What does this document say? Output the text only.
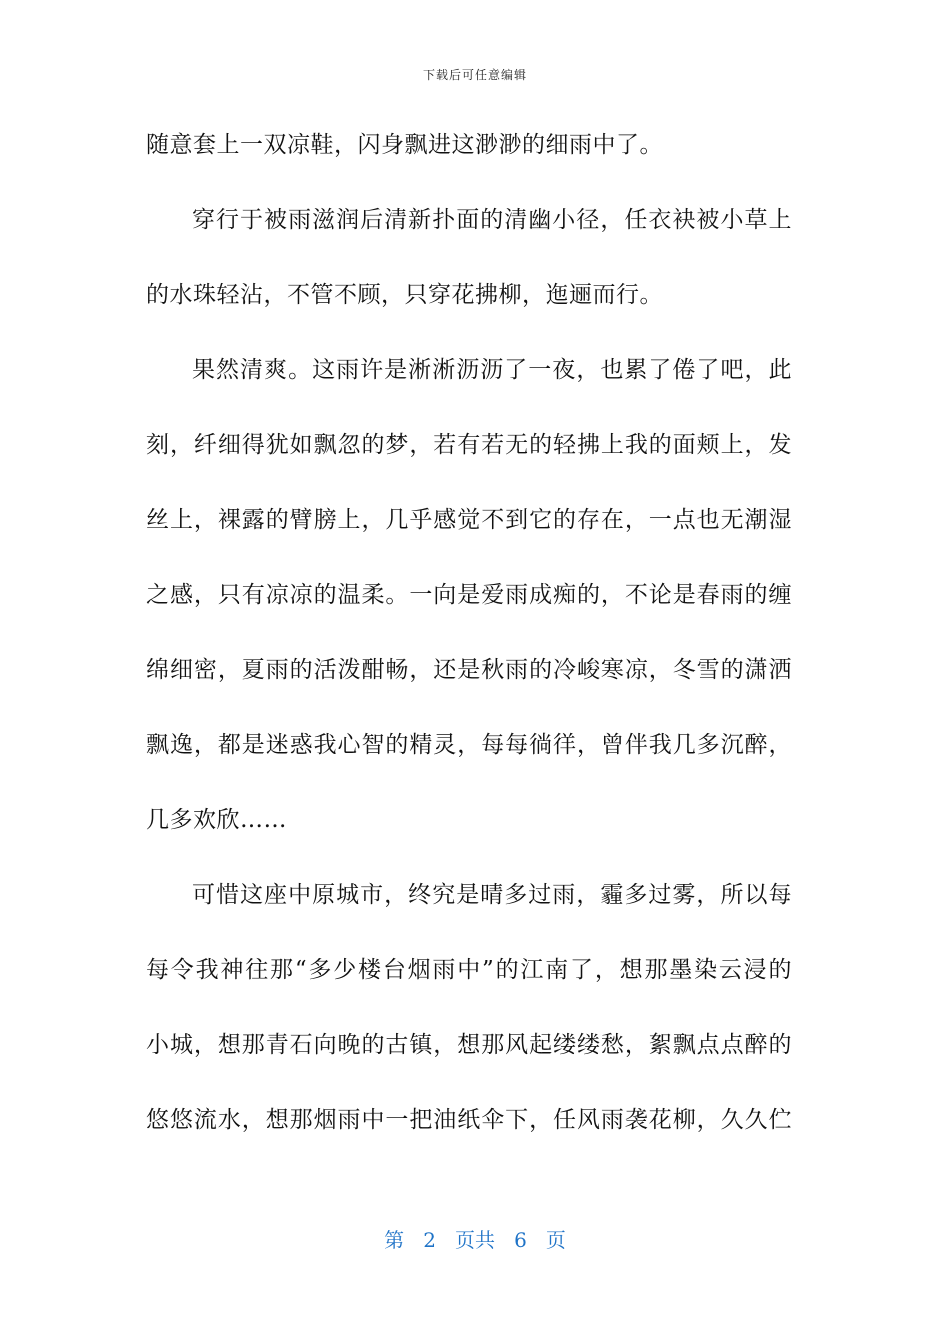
下载后可任意编辑
随意套上一双凉鞋，闪身飘进这渺渺的细雨中了。
穿行于被雨滋润后清新扑面的清幽小径，任衣袂被小草上
的水珠轻沾，不管不顾，只穿花拂柳，迤逦而行。
果然清爽。这雨许是淅淅沥沥了一夜，也累了倦了吧，此
刻，纤细得犹如飘忽的梦，若有若无的轻拂上我的面颊上，发
丝上，裸露的臂膀上，几乎感觉不到它的存在，一点也无潮湿
之感，只有凉凉的温柔。一向是爱雨成痴的，不论是春雨的缠
绵细密，夏雨的活泼酣畅，还是秋雨的冷峻寒凉，冬雪的潇洒
飘逸，都是迷惑我心智的精灵，每每徜徉，曾伴我几多沉醉，
几多欢欣……
可惜这座中原城市，终究是晴多过雨，霾多过雾，所以每
每令我神往那“多少楼台烟雨中”的江南了，想那墨染云浸的
小城，想那青石向晚的古镇，想那风起缕缕愁，絮飘点点醉的
悠悠流水，想那烟雨中一把油纸伞下，任风雨袭花柳，久久伫
第 2 页共 6 页
